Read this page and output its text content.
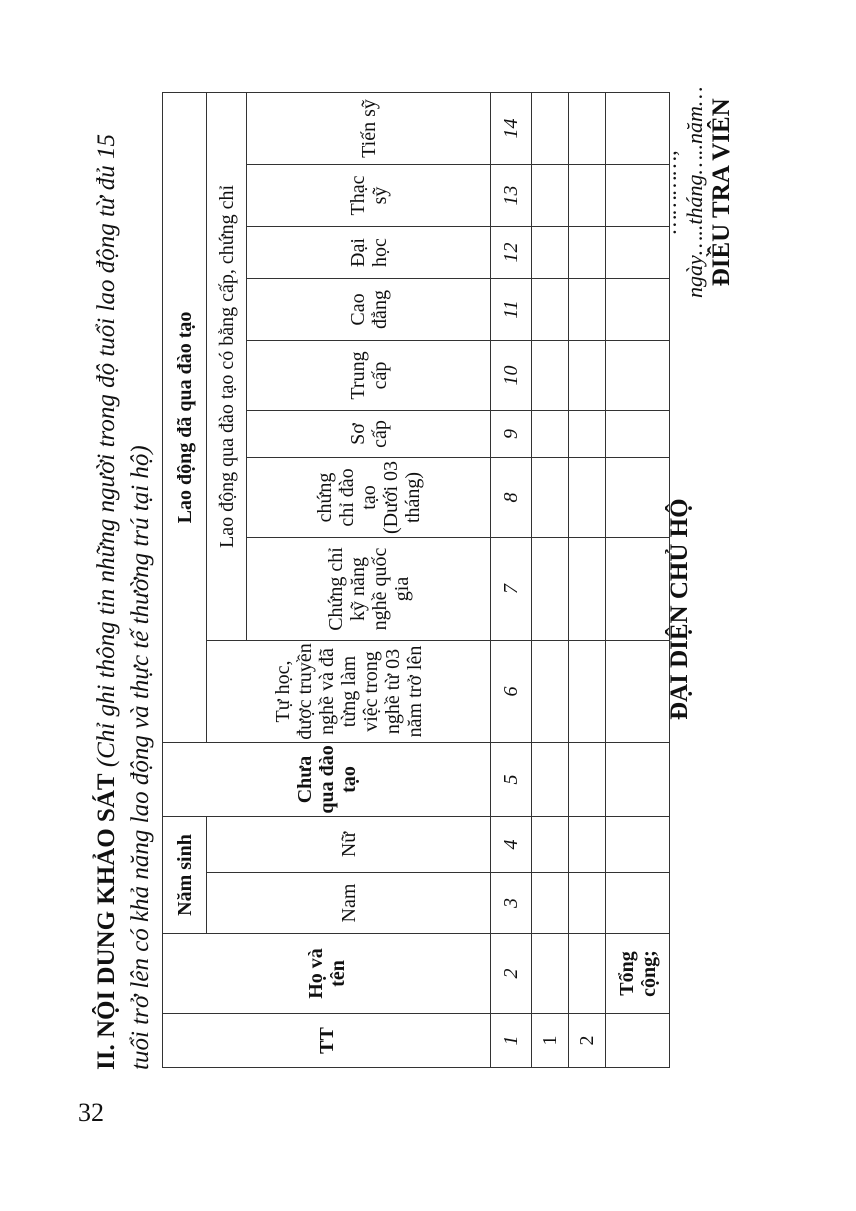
32
II. NỘI DUNG KHẢO SÁT (Chỉ ghi thông tin những người trong độ tuổi lao động từ đủ 15 tuổi trở lên có khả năng lao động và thực tế thường trú tại hộ)	TT	Họ và tên	Năm sinh		Chưa qua đào tạo	Lao động đã qua đào tạo								
		Nam	Nữ		Tự học, được truyền nghề và đã từng làm việc trong nghề từ 03 năm trở lên	Lao động qua đào tạo có bằng cấp, chứng chỉ							
						Chứng chỉ kỹ năng nghề quốc gia	chứng chỉ đào tạo (Dưới 03 tháng)	Sơ cấp	Trung cấp	Cao đẳng	Đại học	Thạc sỹ	Tiến sỹ
1	2	3	4	5	6	7	8	9	10	11	12	13	14
1													
2													
	Tổng cộng;												
ĐẠI DIỆN CHỦ HỘ
…………, ngày…..tháng…..năm… ĐIỀU TRA VIÊN
